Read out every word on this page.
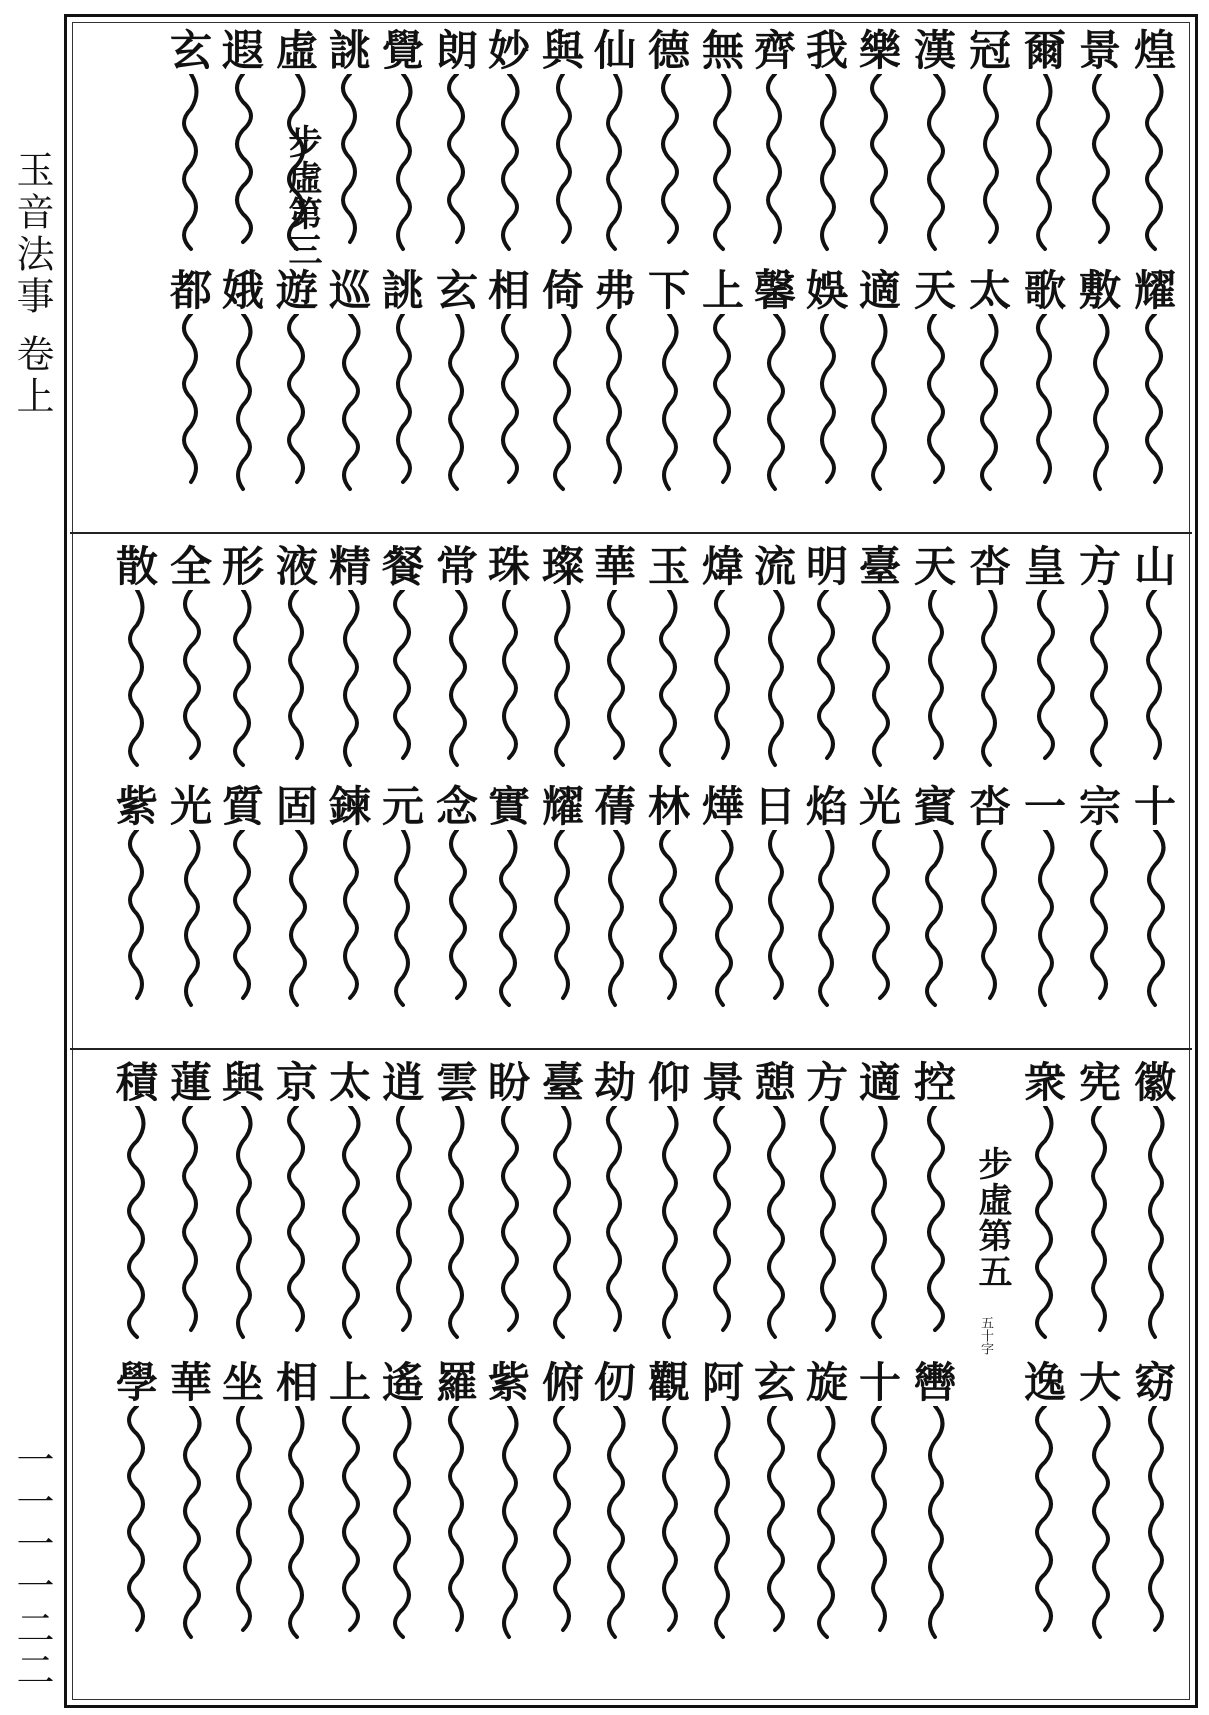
玉音法事 卷上
一一一一二二
煌
耀
景
敷
爾
歌
冠
太
漢
天
樂
適
我
娛
齊
馨
無
上
德
下
仙
弗
與
倚
妙
相
朗
玄
覺
誂
誂
巡
虛
遊
遐
娥
玄
都
步虛第三
山
十
方
宗
皇
一
呇
呇
天
賓
臺
光
明
焰
流
日
煒
燁
玉
林
華
蒨
璨
耀
珠
實
常
念
餐
元
精
鍊
液
固
形
質
全
光
散
紫
徽
窈
宪
大
衆
逸
控
轡
適
十
方
旋
憩
玄
景
阿
仰
觀
劫
仞
臺
俯
盼
紫
雲
羅
逍
遙
太
上
京
相
與
坐
蓮
華
積
學
步虛第五
五十字
